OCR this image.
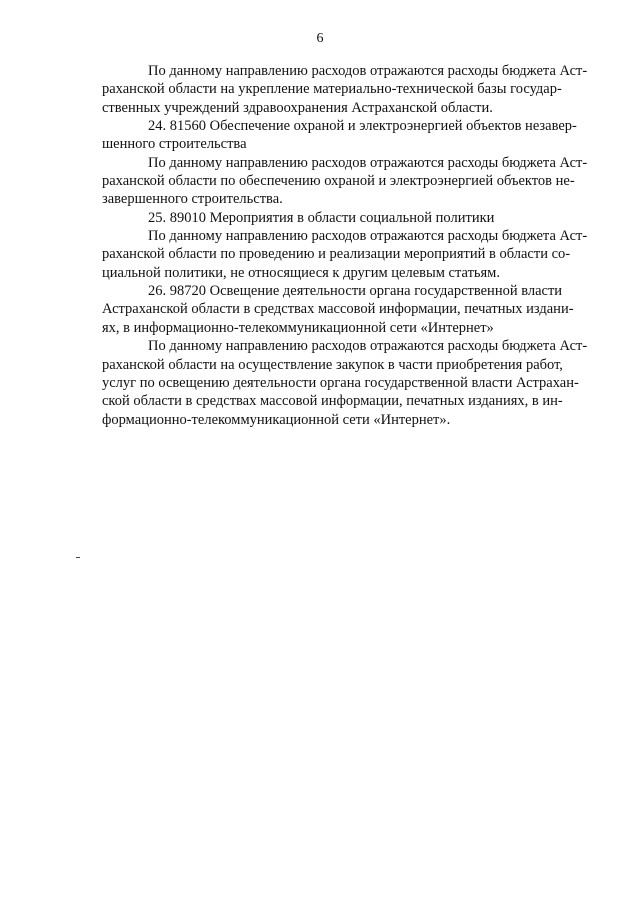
6
По данному направлению расходов отражаются расходы бюджета Аст-
раханской области на укрепление материально-технической базы государ-
ственных учреждений здравоохранения Астраханской области.
24. 81560 Обеспечение охраной и электроэнергией объектов незавер-
шенного строительства
По данному направлению расходов отражаются расходы бюджета Аст-
раханской области по обеспечению охраной и электроэнергией объектов не-
завершенного строительства.
25. 89010 Мероприятия в области социальной политики
По данному направлению расходов отражаются расходы бюджета Аст-
раханской области по проведению и реализации мероприятий в области со-
циальной политики, не относящиеся к другим целевым статьям.
26. 98720 Освещение деятельности органа государственной власти
Астраханской области в средствах массовой информации, печатных издани-
ях, в информационно-телекоммуникационной сети «Интернет»
По данному направлению расходов отражаются расходы бюджета Аст-
раханской области на осуществление закупок в части приобретения работ,
услуг по освещению деятельности органа государственной власти Астрахан-
ской области в средствах массовой информации, печатных изданиях, в ин-
формационно-телекоммуникационной сети «Интернет».
